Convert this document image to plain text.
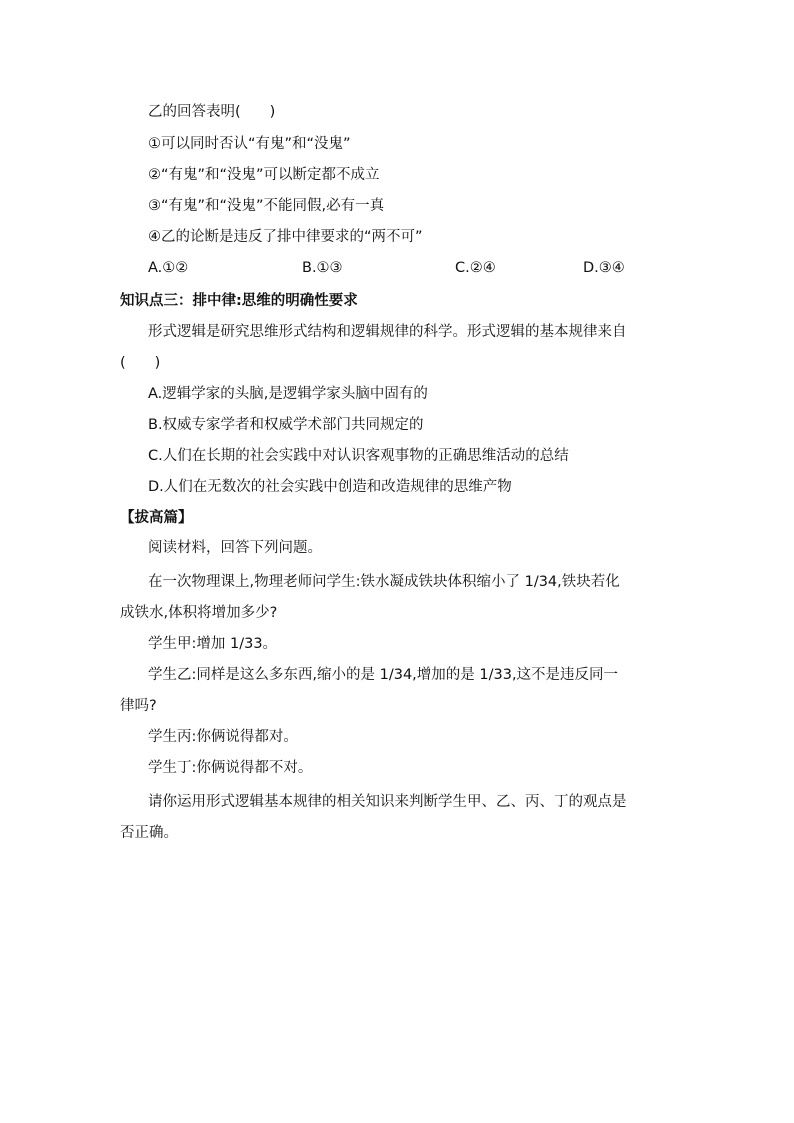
乙的回答表明(　　)
①可以同时否认“有鬼”和“没鬼”
②“有鬼”和“没鬼”可以断定都不成立
③“有鬼”和“没鬼”不能同假,必有一真
④乙的论断是违反了排中律要求的“两不可”
A.①②	B.①③	C.②④	D.③④
知识点三：排中律:思维的明确性要求
形式逻辑是研究思维形式结构和逻辑规律的科学。形式逻辑的基本规律来自
(　　)
A.逻辑学家的头脑,是逻辑学家头脑中固有的
B.权威专家学者和权威学术部门共同规定的
C.人们在长期的社会实践中对认识客观事物的正确思维活动的总结
D.人们在无数次的社会实践中创造和改造规律的思维产物
【拔高篇】
阅读材料，回答下列问题。
在一次物理课上,物理老师问学生:铁水凝成铁块体积缩小了 1/34,铁块若化
成铁水,体积将增加多少?
学生甲:增加 1/33。
学生乙:同样是这么多东西,缩小的是 1/34,增加的是 1/33,这不是违反同一
律吗?
学生丙:你俩说得都对。
学生丁:你俩说得都不对。
请你运用形式逻辑基本规律的相关知识来判断学生甲、乙、丙、丁的观点是
否正确。
